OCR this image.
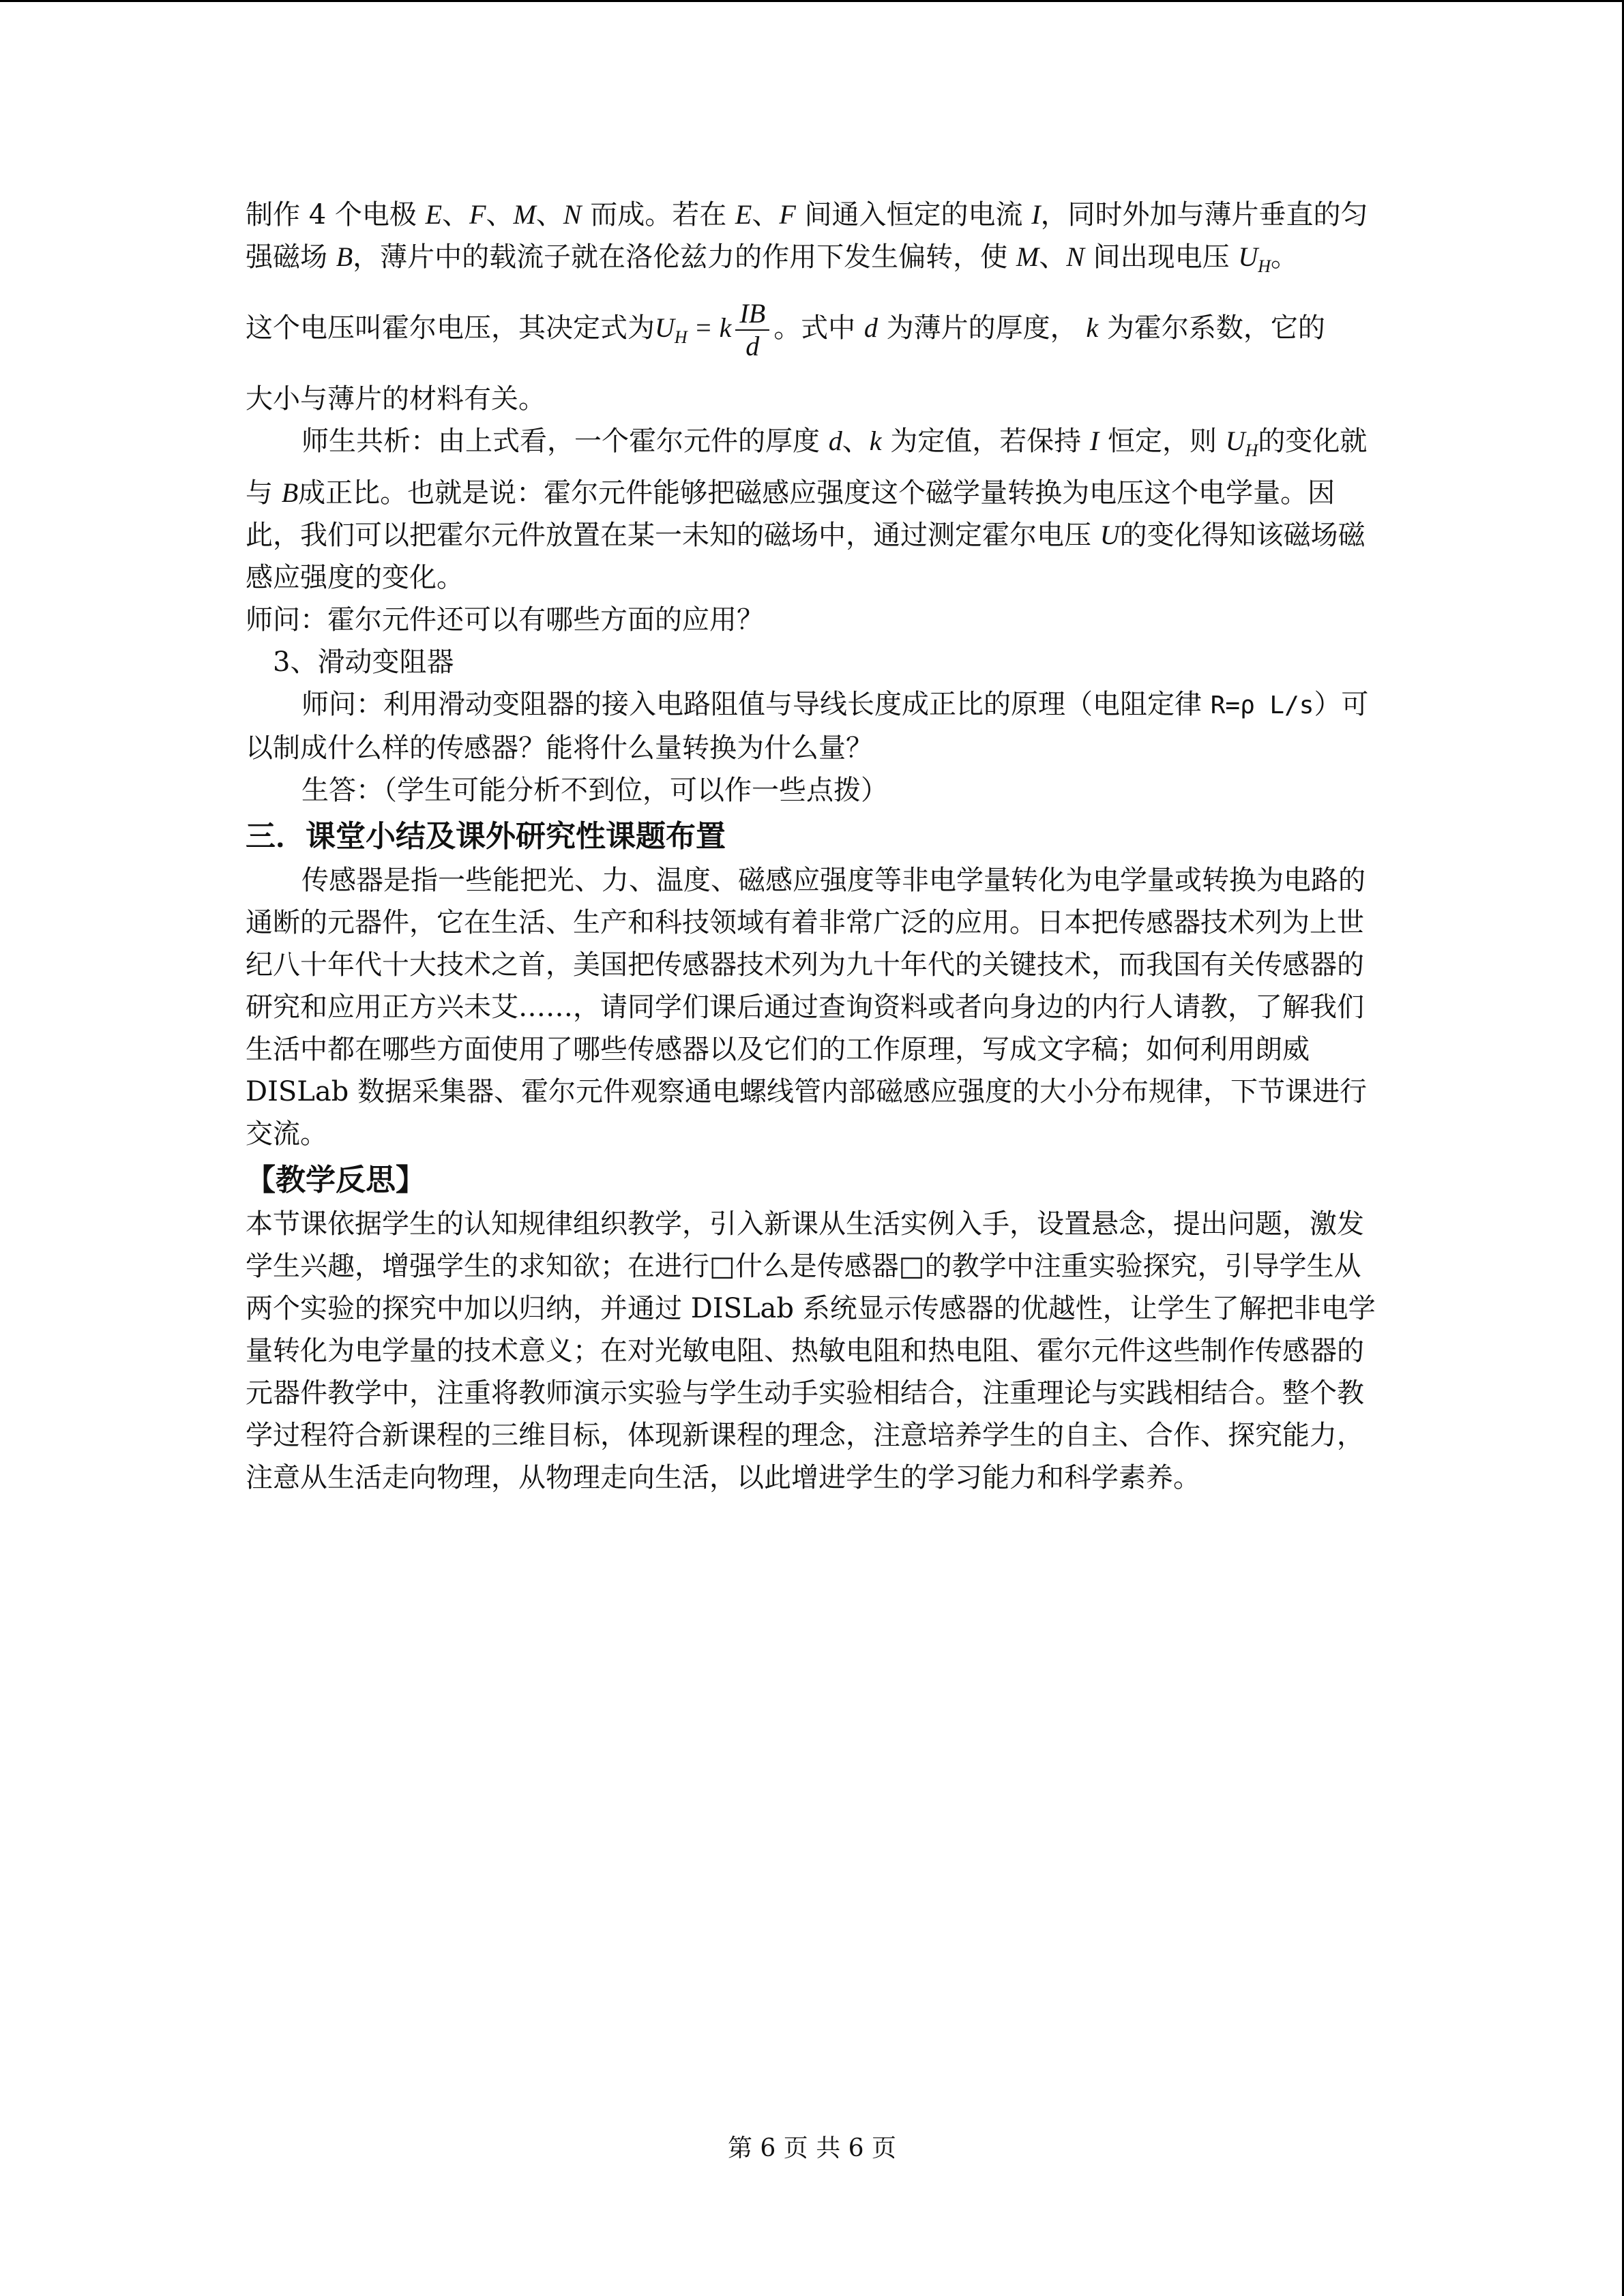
制作 4 个电极 E、F、M、N 而成。若在 E、F 间通入恒定的电流 I，同时外加与薄片垂直的匀强磁场 B，薄片中的载流子就在洛伦兹力的作用下发生偏转，使 M、N 间出现电压 $U_H$。

这个电压叫霍尔电压，其决定式为$U_H = k \frac{IB}{d}$ 。式中 d 为薄片的厚度， k 为霍尔系数，它的

大小与薄片的材料有关。

师生共析：由上式看，一个霍尔元件的厚度 d、k 为定值，若保持 I 恒定，则 $U_H$的变化就与 B成正比。也就是说：霍尔元件能够把磁感应强度这个磁学量转换为电压这个电学量。因此，我们可以把霍尔元件放置在某一未知的磁场中，通过测定霍尔电压 U的变化得知该磁场磁感应强度的变化。

师问：霍尔元件还可以有哪些方面的应用？

3、滑动变阻器

师问：利用滑动变阻器的接入电路阻值与导线长度成正比的原理（电阻定律 R=ρ L/s）可以制成什么样的传感器？能将什么量转换为什么量？

生答：（学生可能分析不到位，可以作一些点拨）

三．课堂小结及课外研究性课题布置

传感器是指一些能把光、力、温度、磁感应强度等非电学量转化为电学量或转换为电路的通断的元器件，它在生活、生产和科技领域有着非常广泛的应用。日本把传感器技术列为上世纪八十年代十大技术之首，美国把传感器技术列为九十年代的关键技术，而我国有关传感器的研究和应用正方兴未艾……，请同学们课后通过查询资料或者向身边的内行人请教，了解我们生活中都在哪些方面使用了哪些传感器以及它们的工作原理，写成文字稿；如何利用朗威 DISLab 数据采集器、霍尔元件观察通电螺线管内部磁感应强度的大小分布规律，下节课进行交流。

【教学反思】

本节课依据学生的认知规律组织教学，引入新课从生活实例入手，设置悬念，提出问题，激发学生兴趣，增强学生的求知欲；在进行□什么是传感器□的教学中注重实验探究，引导学生从两个实验的探究中加以归纳，并通过 DISLab 系统显示传感器的优越性，让学生了解把非电学量转化为电学量的技术意义；在对光敏电阻、热敏电阻和热电阻、霍尔元件这些制作传感器的元器件教学中，注重将教师演示实验与学生动手实验相结合，注重理论与实践相结合。整个教学过程符合新课程的三维目标，体现新课程的理念，注意培养学生的自主、合作、探究能力，注意从生活走向物理，从物理走向生活，以此增进学生的学习能力和科学素养。

第 6 页 共 6 页
